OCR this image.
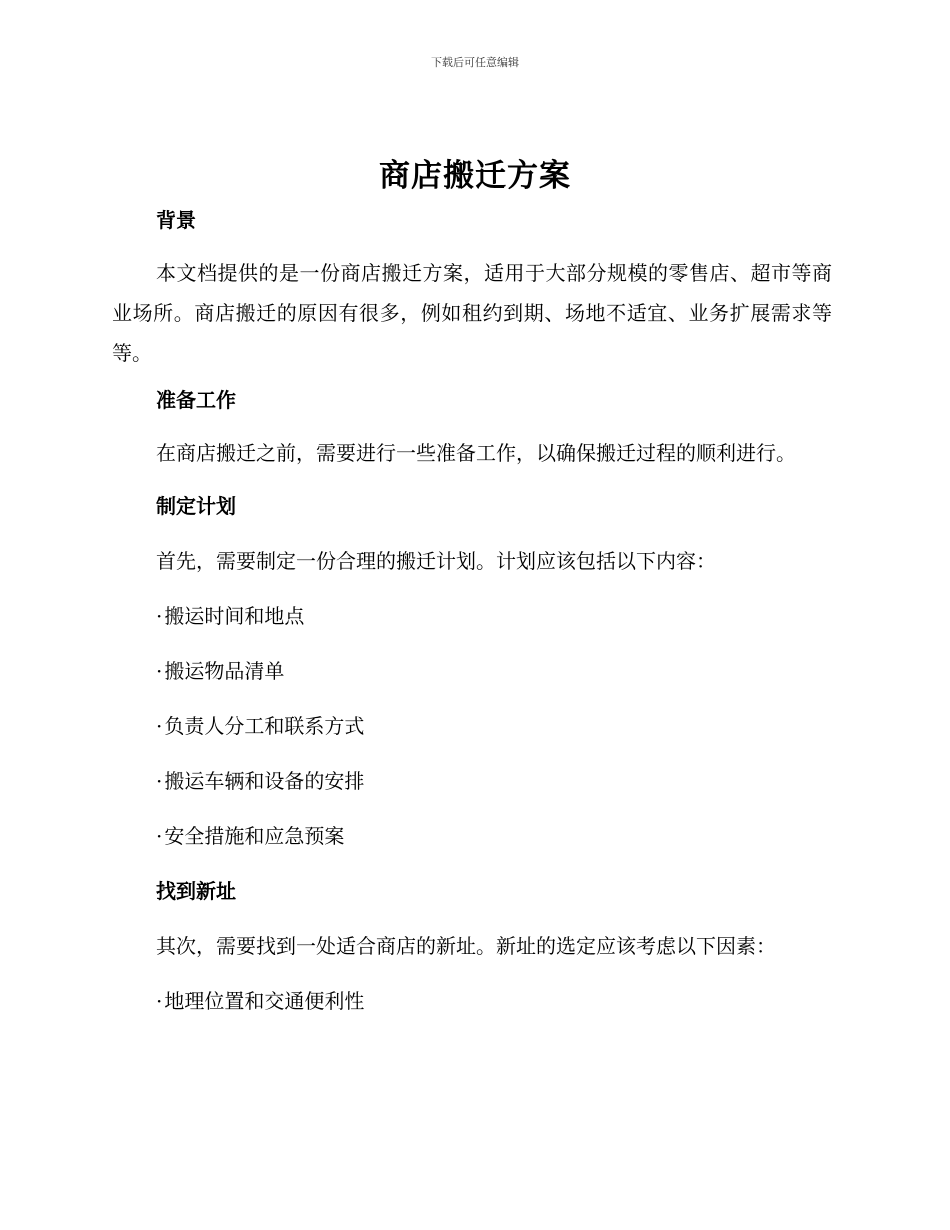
下载后可任意编辑
商店搬迁方案
背景

本文档提供的是一份商店搬迁方案，适用于大部分规模的零售店、超市等商业场所。商店搬迁的原因有很多，例如租约到期、场地不适宜、业务扩展需求等等。

准备工作

在商店搬迁之前，需要进行一些准备工作，以确保搬迁过程的顺利进行。

制定计划

首先，需要制定一份合理的搬迁计划。计划应该包括以下内容：

· 搬运时间和地点
· 搬运物品清单
· 负责人分工和联系方式
· 搬运车辆和设备的安排
· 安全措施和应急预案
找到新址

其次，需要找到一处适合商店的新址。新址的选定应该考虑以下因素：

· 地理位置和交通便利性
